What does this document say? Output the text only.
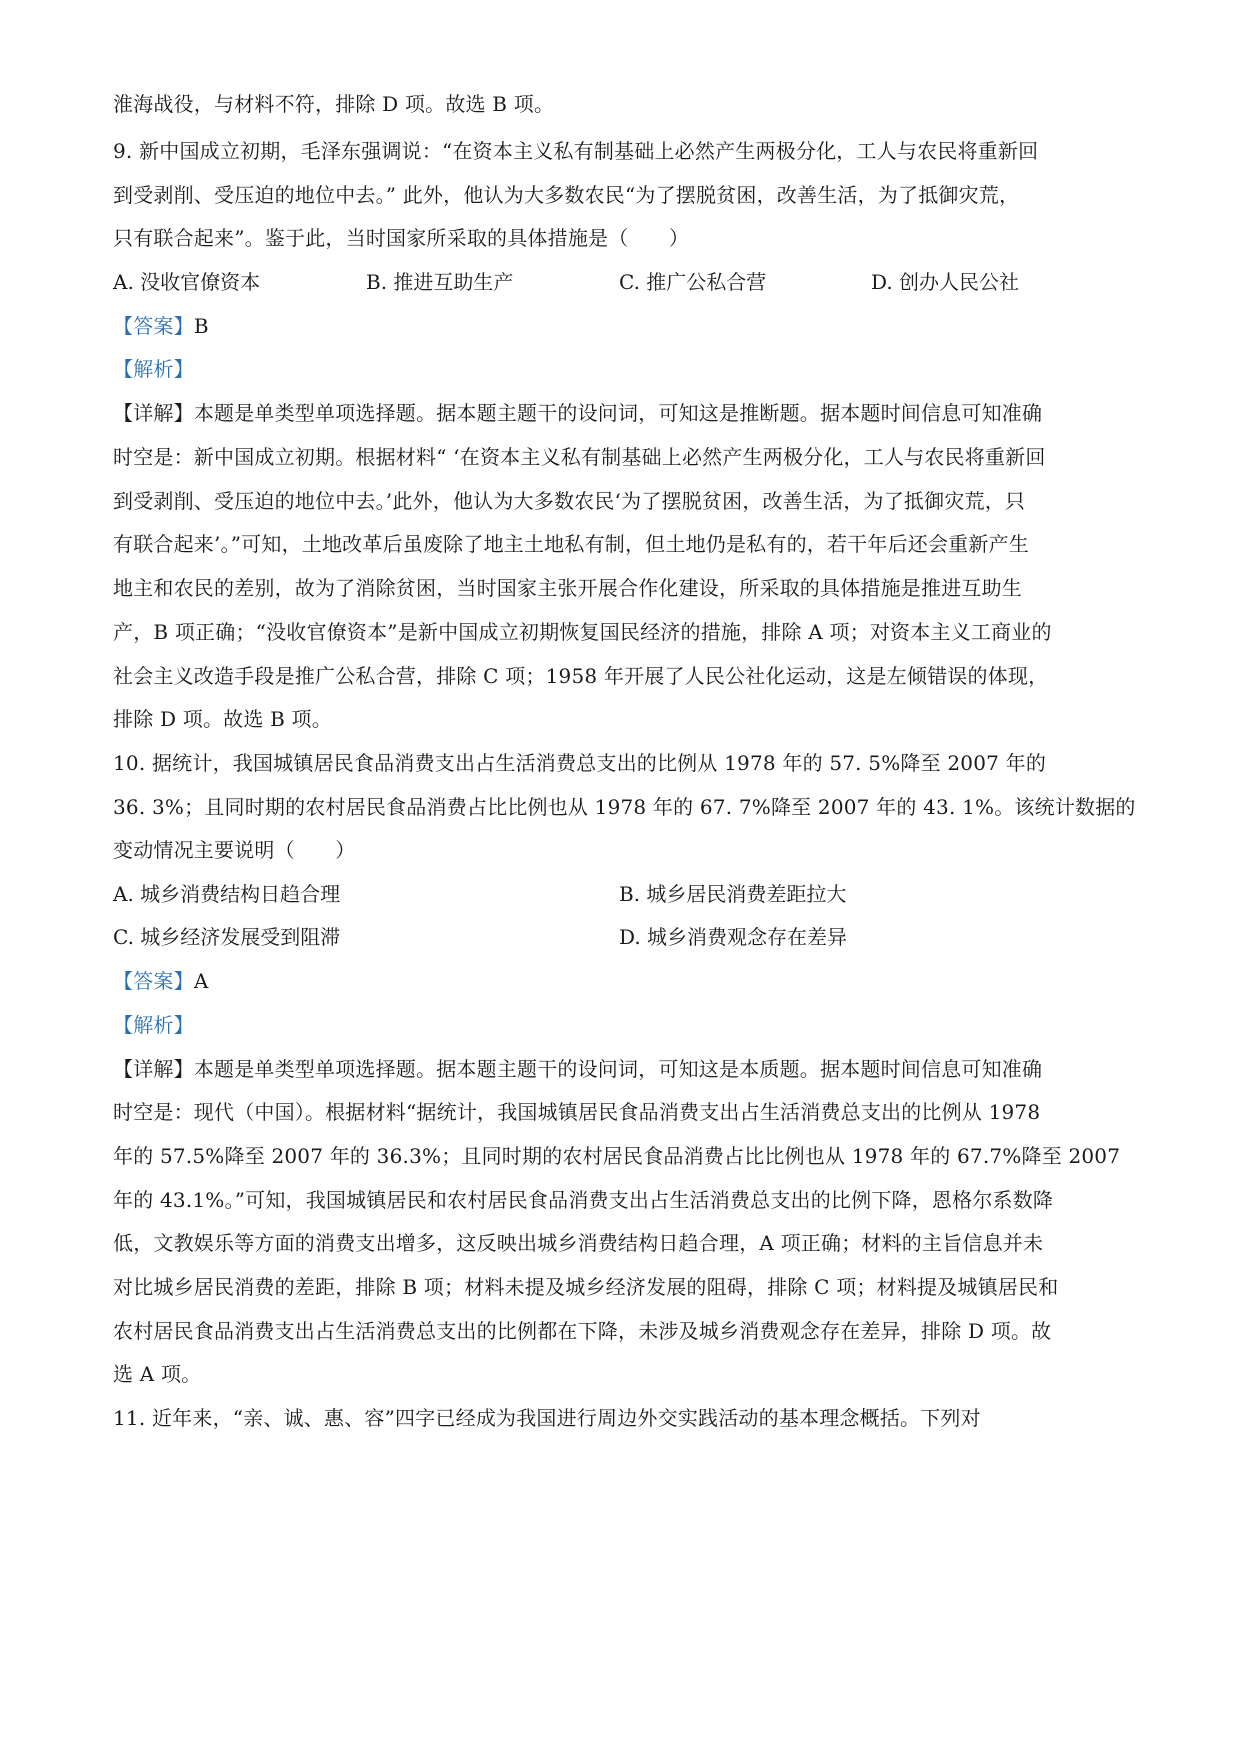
淮海战役，与材料不符，排除 D 项。故选 B 项。
9. 新中国成立初期，毛泽东强调说：“在资本主义私有制基础上必然产生两极分化，工人与农民将重新回
到受剥削、受压迫的地位中去。” 此外，他认为大多数农民“为了摆脱贫困，改善生活，为了抵御灾荒，
只有联合起来”。鉴于此，当时国家所采取的具体措施是（　　）
A. 没收官僚资本	B. 推进互助生产	C. 推广公私合营	D. 创办人民公社
【答案】B
【解析】
【详解】本题是单类型单项选择题。据本题主题干的设问词，可知这是推断题。据本题时间信息可知准确
时空是：新中国成立初期。根据材料“ ‘在资本主义私有制基础上必然产生两极分化，工人与农民将重新回
到受剥削、受压迫的地位中去。’此外，他认为大多数农民‘为了摆脱贫困，改善生活，为了抵御灾荒，只
有联合起来’。”可知，土地改革后虽废除了地主土地私有制，但土地仍是私有的，若干年后还会重新产生
地主和农民的差别，故为了消除贫困，当时国家主张开展合作化建设，所采取的具体措施是推进互助生
产，B 项正确；“没收官僚资本”是新中国成立初期恢复国民经济的措施，排除 A 项；对资本主义工商业的
社会主义改造手段是推广公私合营，排除 C 项；1958 年开展了人民公社化运动，这是左倾错误的体现，
排除 D 项。故选 B 项。
10. 据统计，我国城镇居民食品消费支出占生活消费总支出的比例从 1978 年的 57. 5%降至 2007 年的
36. 3%；且同时期的农村居民食品消费占比比例也从 1978 年的 67. 7%降至 2007 年的 43. 1%。该统计数据的
变动情况主要说明（　　）
A. 城乡消费结构日趋合理	B. 城乡居民消费差距拉大
C. 城乡经济发展受到阻滞	D. 城乡消费观念存在差异
【答案】A
【解析】
【详解】本题是单类型单项选择题。据本题主题干的设问词，可知这是本质题。据本题时间信息可知准确
时空是：现代（中国）。根据材料“据统计，我国城镇居民食品消费支出占生活消费总支出的比例从 1978
年的 57.5%降至 2007 年的 36.3%；且同时期的农村居民食品消费占比比例也从 1978 年的 67.7%降至 2007
年的 43.1%。”可知，我国城镇居民和农村居民食品消费支出占生活消费总支出的比例下降，恩格尔系数降
低，文教娱乐等方面的消费支出增多，这反映出城乡消费结构日趋合理，A 项正确；材料的主旨信息并未
对比城乡居民消费的差距，排除 B 项；材料未提及城乡经济发展的阻碍，排除 C 项；材料提及城镇居民和
农村居民食品消费支出占生活消费总支出的比例都在下降，未涉及城乡消费观念存在差异，排除 D 项。故
选 A 项。
11. 近年来，“亲、诚、惠、容”四字已经成为我国进行周边外交实践活动的基本理念概括。下列对
